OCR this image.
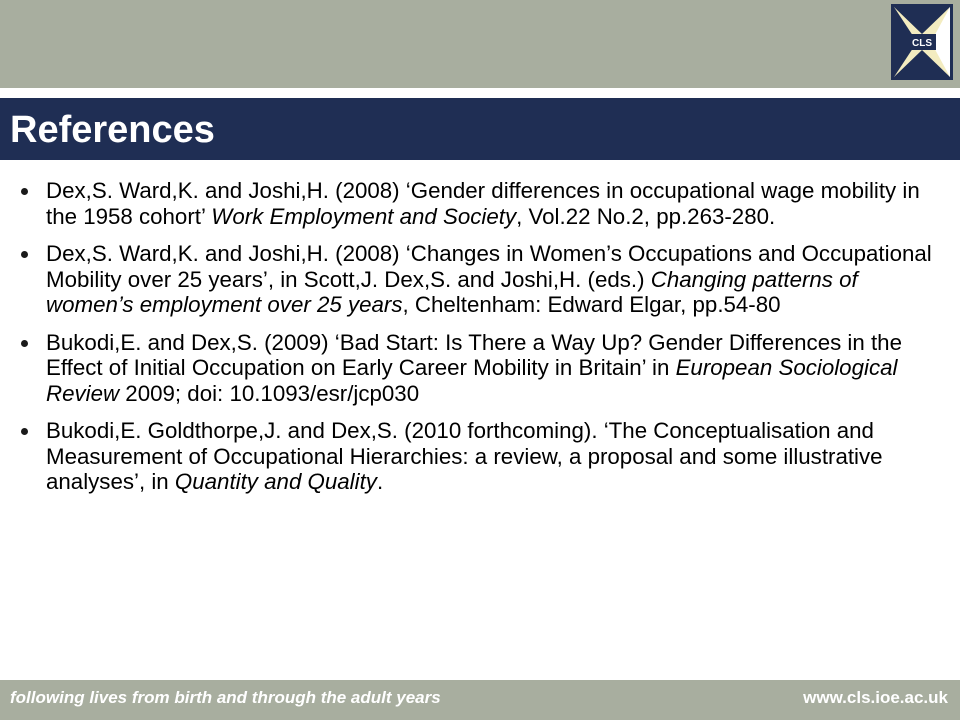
CLS
References
Dex,S. Ward,K. and Joshi,H. (2008) ‘Gender differences in occupational wage mobility in the 1958 cohort’ Work Employment and Society, Vol.22 No.2, pp.263-280.
Dex,S. Ward,K. and Joshi,H. (2008) ‘Changes in Women’s Occupations and Occupational Mobility over 25 years’, in Scott,J. Dex,S. and Joshi,H. (eds.) Changing patterns of women’s employment over 25 years, Cheltenham: Edward Elgar, pp.54-80
Bukodi,E. and Dex,S. (2009) ‘Bad Start: Is There a Way Up? Gender Differences in the Effect of Initial Occupation on Early Career Mobility in Britain’ in European Sociological Review 2009; doi: 10.1093/esr/jcp030
Bukodi,E. Goldthorpe,J. and Dex,S. (2010 forthcoming). ‘The Conceptualisation and Measurement of Occupational Hierarchies: a review, a proposal and some illustrative analyses’, in Quantity and Quality.
following lives from birth and through the adult years	www.cls.ioe.ac.uk
